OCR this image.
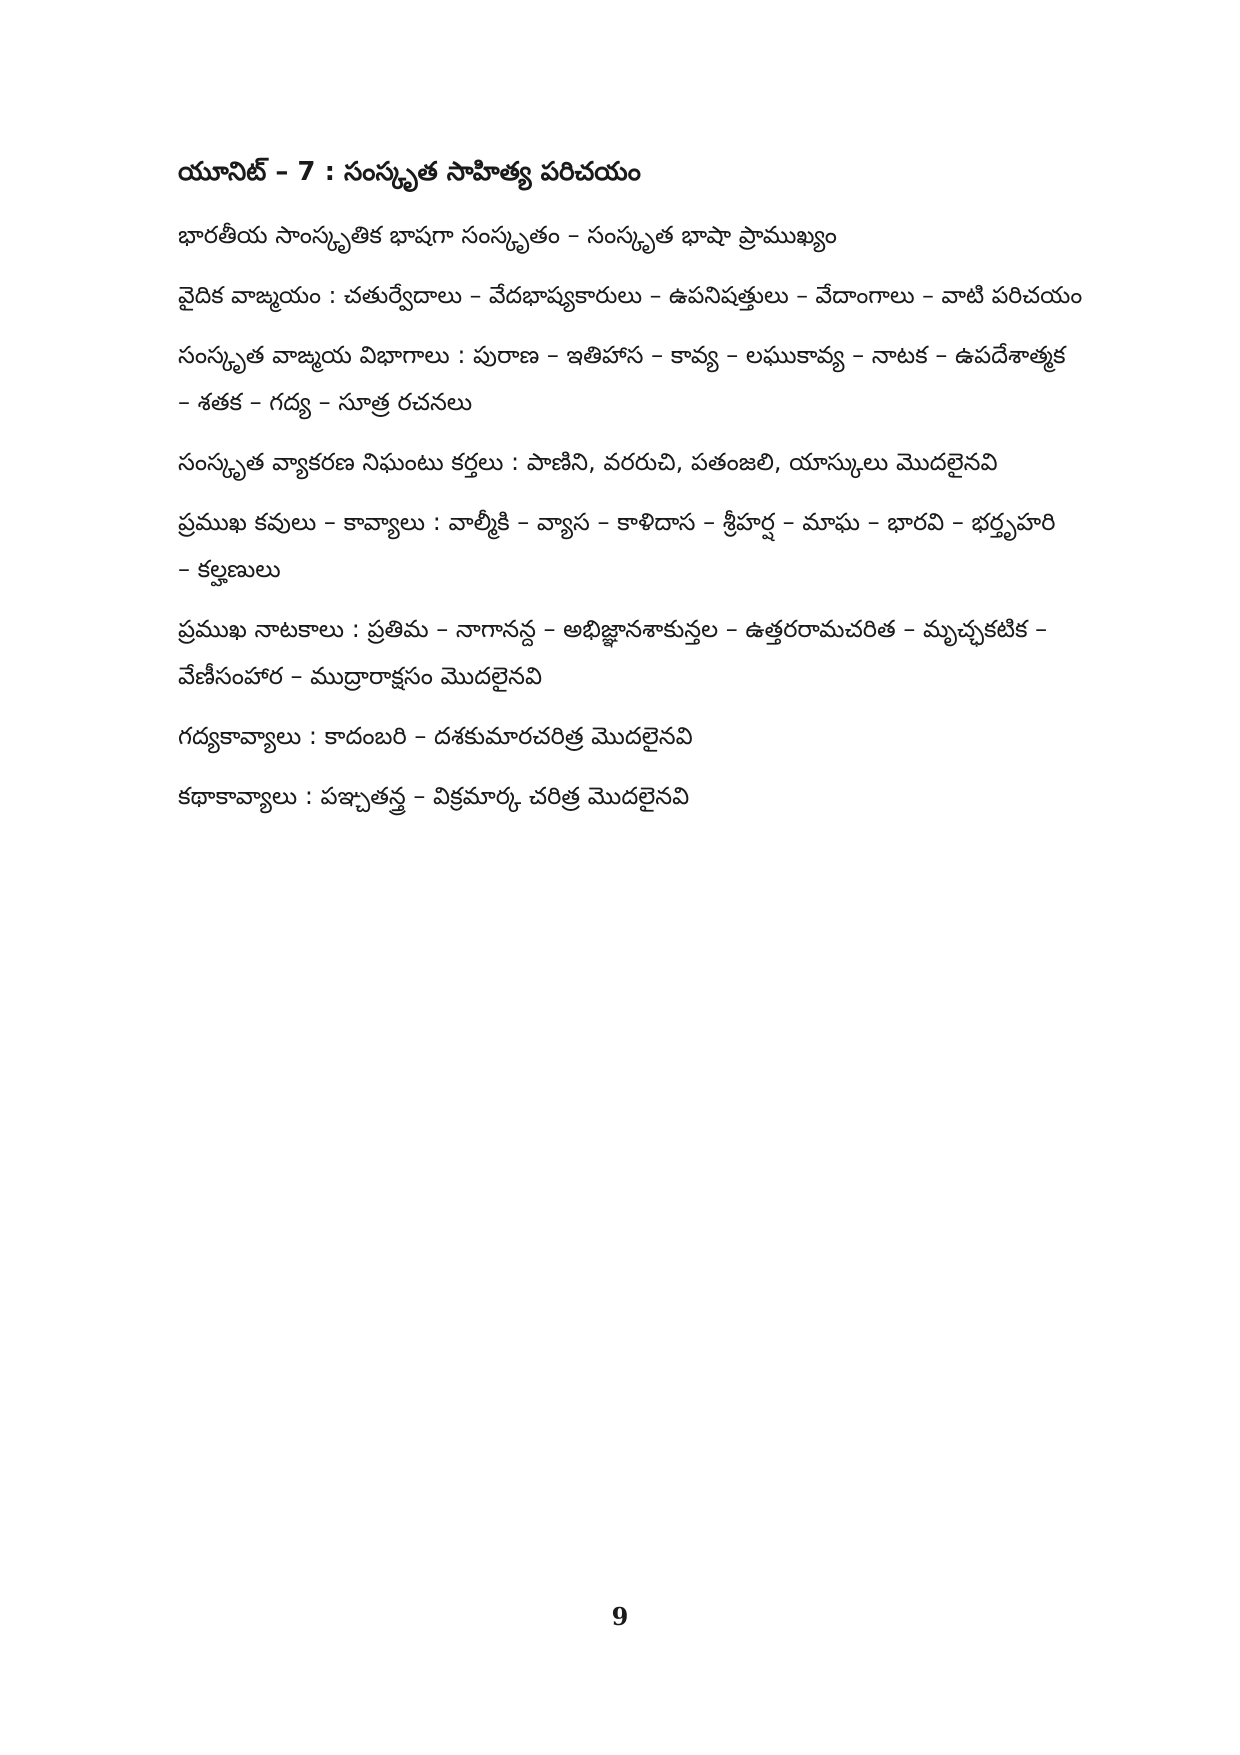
యూనిట్ – 7 : సంస్కృత సాహిత్య పరిచయం
భారతీయ సాంస్కృతిక భాషగా సంస్కృతం – సంస్కృత భాషా ప్రాముఖ్యం
వైదిక వాఙ్మయం : చతుర్వేదాలు – వేదభాష్యకారులు – ఉపనిషత్తులు – వేదాంగాలు – వాటి పరిచయం
సంస్కృత వాఙ్మయ విభాగాలు : పురాణ – ఇతిహాస – కావ్య – లఘుకావ్య – నాటక – ఉపదేశాత్మక
– శతక – గద్య – సూత్ర రచనలు
సంస్కృత వ్యాకరణ నిఘంటు కర్తలు : పాణిని, వరరుచి, పతంజలి, యాస్కులు మొదలైనవి
ప్రముఖ కవులు – కావ్యాలు : వాల్మీకి – వ్యాస – కాళిదాస – శ్రీహర్ష – మాఘ – భారవి – భర్తృహరి
– కల్హణులు
ప్రముఖ నాటకాలు : ప్రతిమ – నాగానన్ద – అభిజ్ఞానశాకున్తల – ఉత్తరరామచరిత – మృచ్ఛకటిక –
వేణీసంహార – ముద్రారాక్షసం మొదలైనవి
గద్యకావ్యాలు : కాదంబరి – దశకుమారచరిత్ర మొదలైనవి
కథాకావ్యాలు : పఞ్చతన్త్ర – విక్రమార్క చరిత్ర మొదలైనవి
9
